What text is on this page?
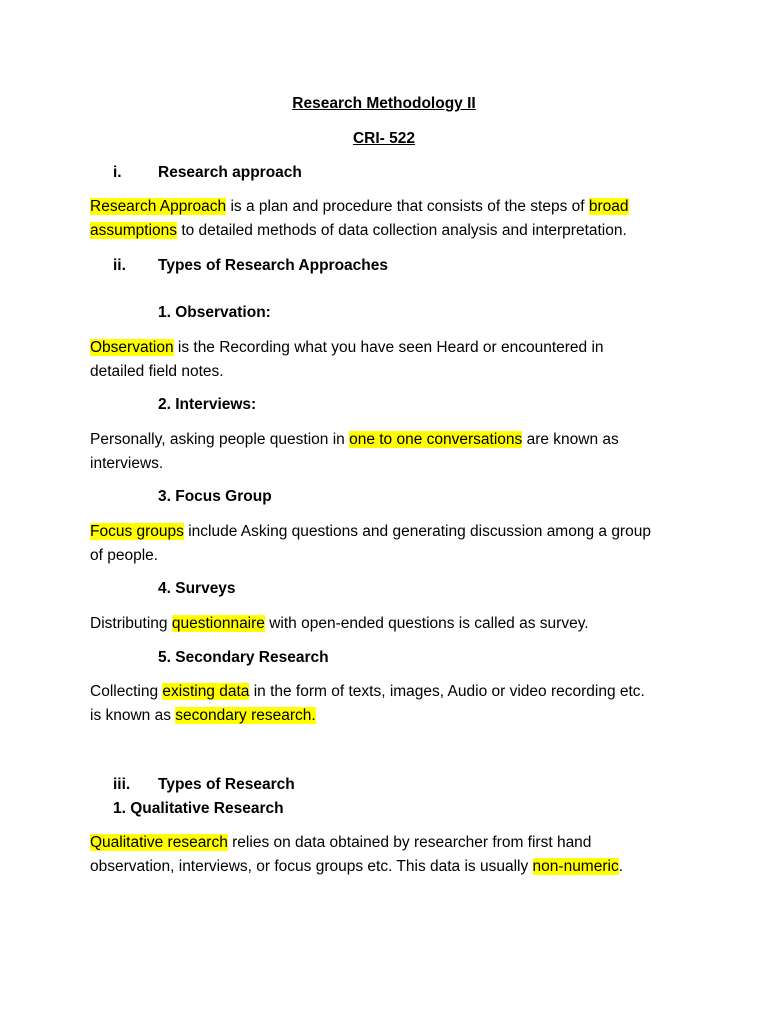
Research Methodology II
CRI- 522
i. Research approach
Research Approach is a plan and procedure that consists of the steps of broad
assumptions to detailed methods of data collection analysis and interpretation.
ii. Types of Research Approaches
1. Observation:
Observation is the Recording what you have seen Heard or encountered in
detailed field notes.
2. Interviews:
Personally, asking people question in one to one conversations are known as
interviews.
3. Focus Group
Focus groups include Asking questions and generating discussion among a group
of people.
4. Surveys
Distributing questionnaire with open-ended questions is called as survey.
5. Secondary Research
Collecting existing data in the form of texts, images, Audio or video recording etc.
is known as secondary research.
iii. Types of Research
1. Qualitative Research
Qualitative research relies on data obtained by researcher from first hand
observation, interviews, or focus groups etc. This data is usually non-numeric.
